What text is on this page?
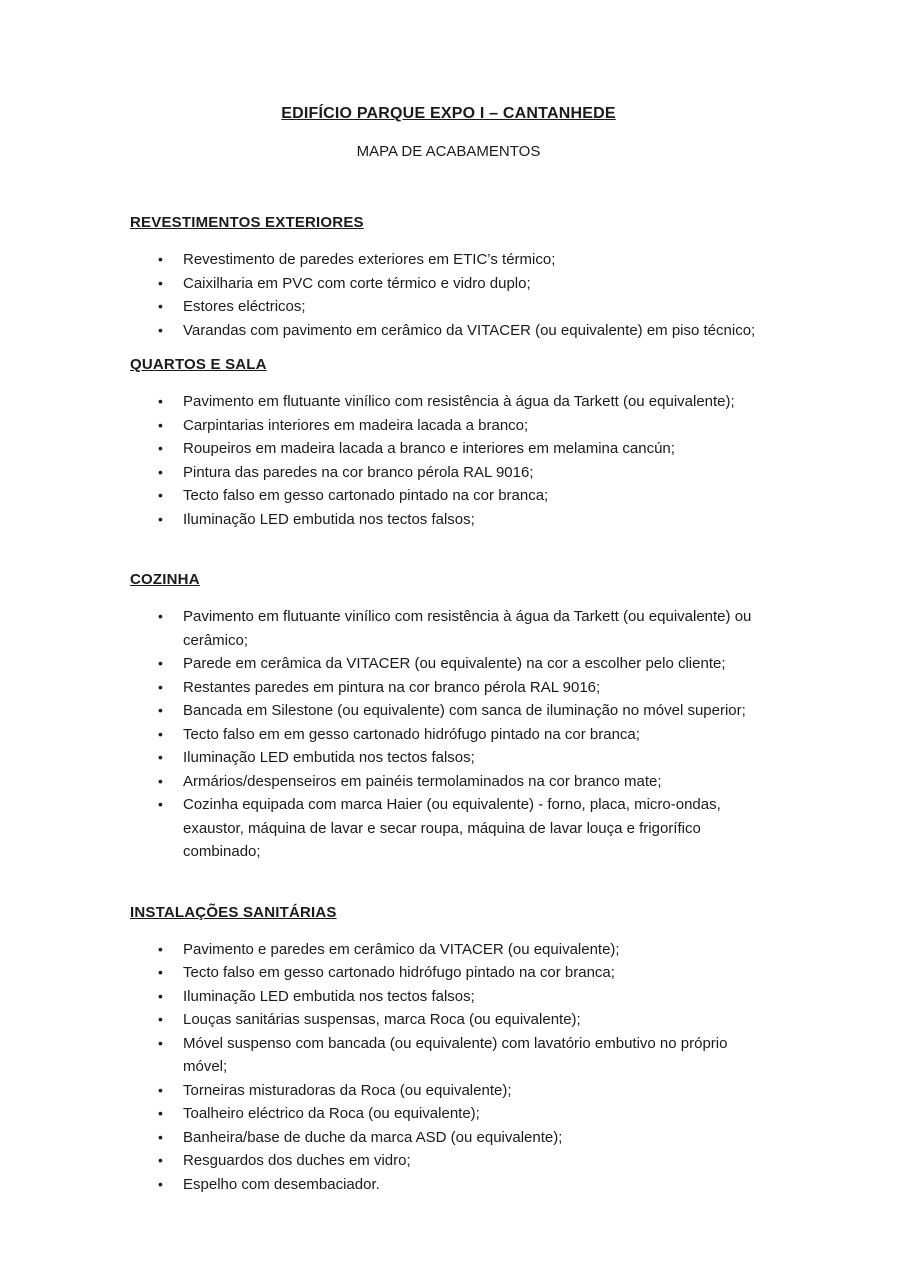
EDIFÍCIO PARQUE EXPO I – CANTANHEDE
MAPA DE ACABAMENTOS
REVESTIMENTOS EXTERIORES
•	Revestimento de paredes exteriores em ETIC’s térmico;
•	Caixilharia em PVC com corte térmico e vidro duplo;
•	Estores eléctricos;
•	Varandas com pavimento em cerâmico da VITACER (ou equivalente) em piso técnico;
QUARTOS E SALA
•	Pavimento em flutuante vinílico com resistência à água da Tarkett (ou equivalente);
•	Carpintarias interiores em madeira lacada a branco;
•	Roupeiros em madeira lacada a branco e interiores em melamina cancún;
•	Pintura das paredes na cor branco pérola RAL 9016;
•	Tecto falso em gesso cartonado pintado na cor branca;
•	Iluminação LED embutida nos tectos falsos;
COZINHA
•	Pavimento em flutuante vinílico com resistência à água da Tarkett (ou equivalente) ou cerâmico;
•	Parede em cerâmica da VITACER (ou equivalente) na cor a escolher pelo cliente;
•	Restantes paredes em pintura na cor branco pérola RAL 9016;
•	Bancada em Silestone (ou equivalente) com sanca de iluminação no móvel superior;
•	Tecto falso em em gesso cartonado hidrófugo pintado na cor branca;
•	Iluminação LED embutida nos tectos falsos;
•	Armários/despenseiros em painéis termolaminados na cor branco mate;
•	Cozinha equipada com marca Haier (ou equivalente) - forno, placa, micro-ondas, exaustor, máquina de lavar e secar roupa, máquina de lavar louça e frigorífico combinado;
INSTALAÇÕES SANITÁRIAS
•	Pavimento e paredes em cerâmico da VITACER (ou equivalente);
•	Tecto falso em gesso cartonado hidrófugo pintado na cor branca;
•	Iluminação LED embutida nos tectos falsos;
•	Louças sanitárias suspensas, marca Roca (ou equivalente);
•	Móvel suspenso com bancada (ou equivalente) com lavatório embutivo no próprio móvel;
•	Torneiras misturadoras da Roca (ou equivalente);
•	Toalheiro eléctrico da Roca (ou equivalente);
•	Banheira/base de duche da marca ASD (ou equivalente);
•	Resguardos dos duches em vidro;
•	Espelho com desembaciador.
